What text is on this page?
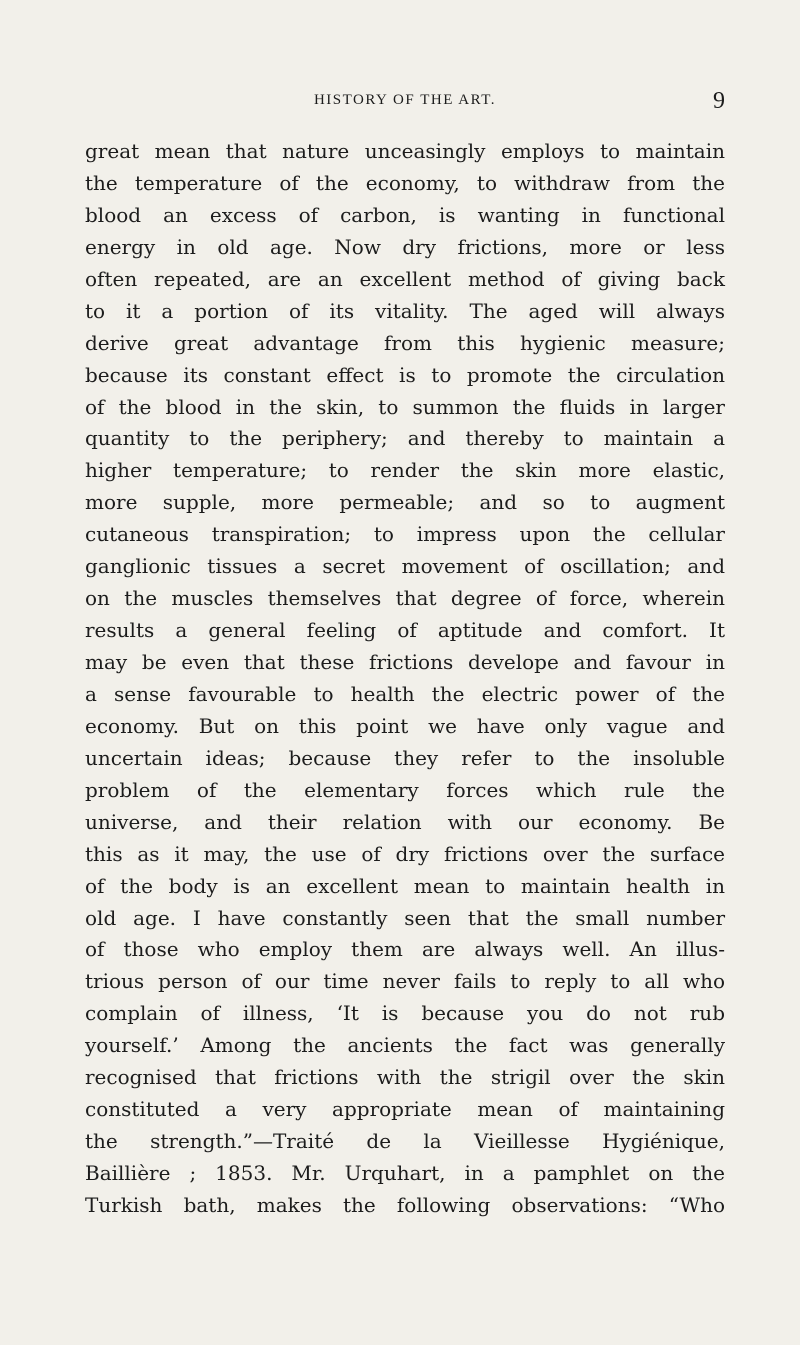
HISTORY OF THE ART.	9
great mean that nature unceasingly employs to maintain
the temperature of the economy, to withdraw from the
blood an excess of carbon, is wanting in functional
energy in old age. Now dry frictions, more or less
often repeated, are an excellent method of giving back
to it a portion of its vitality. The aged will always
derive great advantage from this hygienic measure;
because its constant effect is to promote the circulation
of the blood in the skin, to summon the fluids in larger
quantity to the periphery; and thereby to maintain a
higher temperature; to render the skin more elastic,
more supple, more permeable; and so to augment
cutaneous transpiration; to impress upon the cellular
ganglionic tissues a secret movement of oscillation; and
on the muscles themselves that degree of force, wherein
results a general feeling of aptitude and comfort. It
may be even that these frictions develope and favour in
a sense favourable to health the electric power of the
economy. But on this point we have only vague and
uncertain ideas; because they refer to the insoluble
problem of the elementary forces which rule the
universe, and their relation with our economy. Be
this as it may, the use of dry frictions over the surface
of the body is an excellent mean to maintain health in
old age. I have constantly seen that the small number
of those who employ them are always well. An illus-
trious person of our time never fails to reply to all who
complain of illness, ‘It is because you do not rub
yourself.’ Among the ancients the fact was generally
recognised that frictions with the strigil over the skin
constituted a very appropriate mean of maintaining
the strength.”—Traité de la Vieillesse Hygiénique,
Baillière ; 1853. Mr. Urquhart, in a pamphlet on the
Turkish bath, makes the following observations: “Who
